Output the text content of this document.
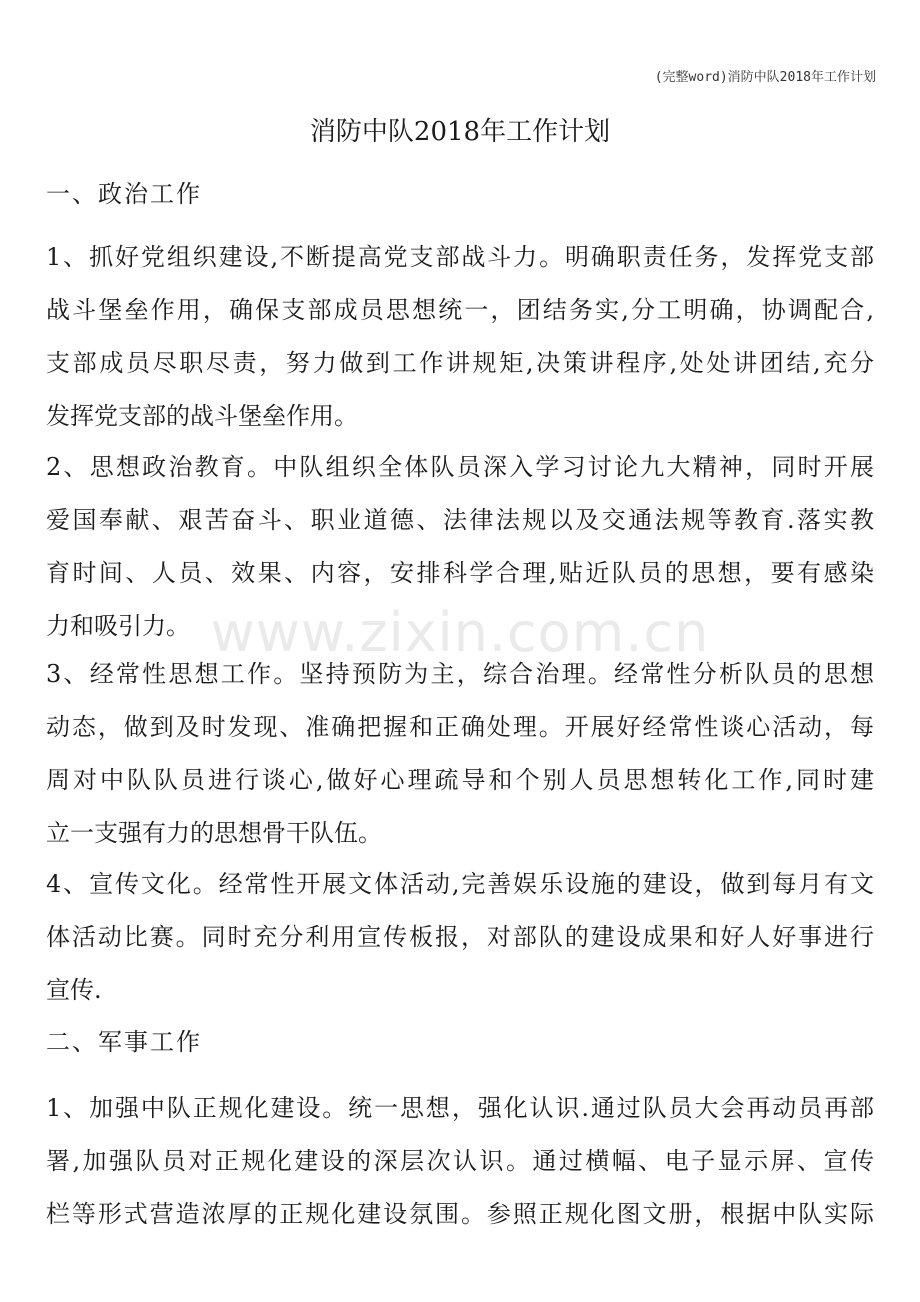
(完整word)消防中队2018年工作计划
消防中队2018年工作计划
www.zixin.com.cn
一、政治工作
1、抓好党组织建设,不断提高党支部战斗力。明确职责任务，发挥党支部
战斗堡垒作用，确保支部成员思想统一，团结务实,分工明确，协调配合,
支部成员尽职尽责，努力做到工作讲规矩,决策讲程序,处处讲团结,充分
发挥党支部的战斗堡垒作用。
2、思想政治教育。中队组织全体队员深入学习讨论九大精神，同时开展
爱国奉献、艰苦奋斗、职业道德、法律法规以及交通法规等教育.落实教
育时间、人员、效果、内容，安排科学合理,贴近队员的思想，要有感染
力和吸引力。
3、经常性思想工作。坚持预防为主，综合治理。经常性分析队员的思想
动态，做到及时发现、准确把握和正确处理。开展好经常性谈心活动，每
周对中队队员进行谈心,做好心理疏导和个别人员思想转化工作,同时建
立一支强有力的思想骨干队伍。
4、宣传文化。经常性开展文体活动,完善娱乐设施的建设，做到每月有文
体活动比赛。同时充分利用宣传板报，对部队的建设成果和好人好事进行
宣传.
二、军事工作
1、加强中队正规化建设。统一思想，强化认识.通过队员大会再动员再部
署,加强队员对正规化建设的深层次认识。通过横幅、电子显示屏、宣传
栏等形式营造浓厚的正规化建设氛围。参照正规化图文册，根据中队实际
